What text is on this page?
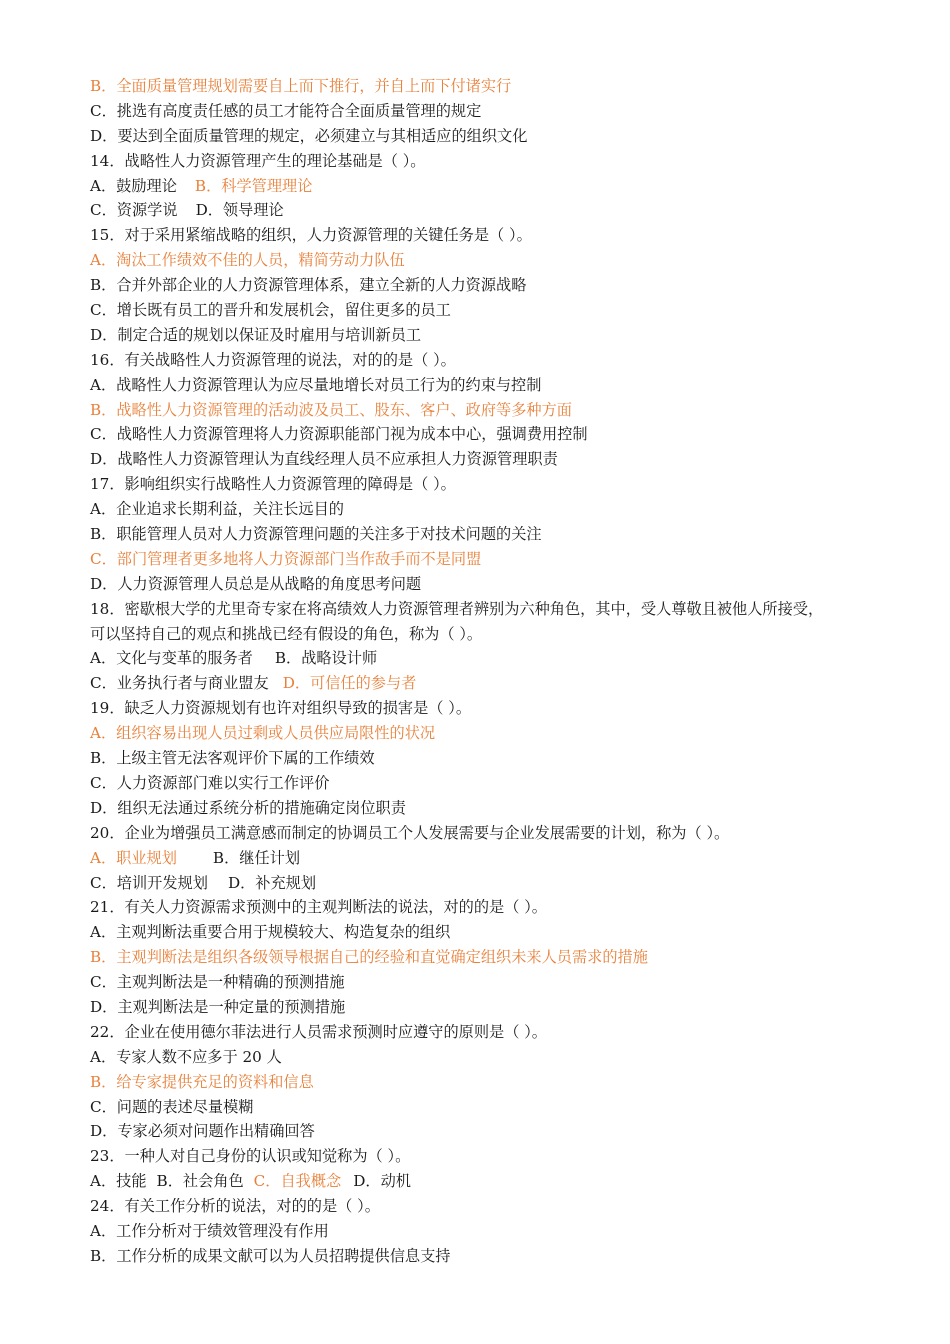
B．全面质量管理规划需要自上而下推行，并自上而下付诸实行
C．挑选有高度责任感的员工才能符合全面质量管理的规定
D．要达到全面质量管理的规定，必须建立与其相适应的组织文化
14．战略性人力资源管理产生的理论基础是（ ）。
A．鼓励理论 B．科学管理理论
C．资源学说 D．领导理论
15．对于采用紧缩战略的组织，人力资源管理的关键任务是（ ）。
A．淘汰工作绩效不佳的人员，精简劳动力队伍
B．合并外部企业的人力资源管理体系，建立全新的人力资源战略
C．增长既有员工的晋升和发展机会，留住更多的员工
D．制定合适的规划以保证及时雇用与培训新员工
16．有关战略性人力资源管理的说法，对的的是（ ）。
A．战略性人力资源管理认为应尽量地增长对员工行为的约束与控制
B．战略性人力资源管理的活动波及员工、股东、客户、政府等多种方面
C．战略性人力资源管理将人力资源职能部门视为成本中心，强调费用控制
D．战略性人力资源管理认为直线经理人员不应承担人力资源管理职责
17．影响组织实行战略性人力资源管理的障碍是（ ）。
A．企业追求长期利益，关注长远目的
B．职能管理人员对人力资源管理问题的关注多于对技术问题的关注
C．部门管理者更多地将人力资源部门当作敌手而不是同盟
D．人力资源管理人员总是从战略的角度思考问题
18．密歇根大学的尤里奇专家在将高绩效人力资源管理者辨别为六种角色，其中，受人尊敬且被他人所接受，
可以坚持自己的观点和挑战已经有假设的角色，称为（ ）。
A．文化与变革的服务者 B．战略设计师
C．业务执行者与商业盟友 D．可信任的参与者
19．缺乏人力资源规划有也许对组织导致的损害是（ ）。
A．组织容易出现人员过剩或人员供应局限性的状况
B．上级主管无法客观评价下属的工作绩效
C．人力资源部门难以实行工作评价
D．组织无法通过系统分析的措施确定岗位职责
20．企业为增强员工满意感而制定的协调员工个人发展需要与企业发展需要的计划，称为（ ）。
A．职业规划 B．继任计划
C．培训开发规划 D．补充规划
21．有关人力资源需求预测中的主观判断法的说法，对的的是（ ）。
A．主观判断法重要合用于规模较大、构造复杂的组织
B．主观判断法是组织各级领导根据自己的经验和直觉确定组织未来人员需求的措施
C．主观判断法是一种精确的预测措施
D．主观判断法是一种定量的预测措施
22．企业在使用德尔菲法进行人员需求预测时应遵守的原则是（ ）。
A．专家人数不应多于 20 人
B．给专家提供充足的资料和信息
C．问题的表述尽量模糊
D．专家必须对问题作出精确回答
23．一种人对自己身份的认识或知觉称为（ ）。
A．技能 B．社会角色 C．自我概念 D．动机
24．有关工作分析的说法，对的的是（ ）。
A．工作分析对于绩效管理没有作用
B．工作分析的成果文献可以为人员招聘提供信息支持
